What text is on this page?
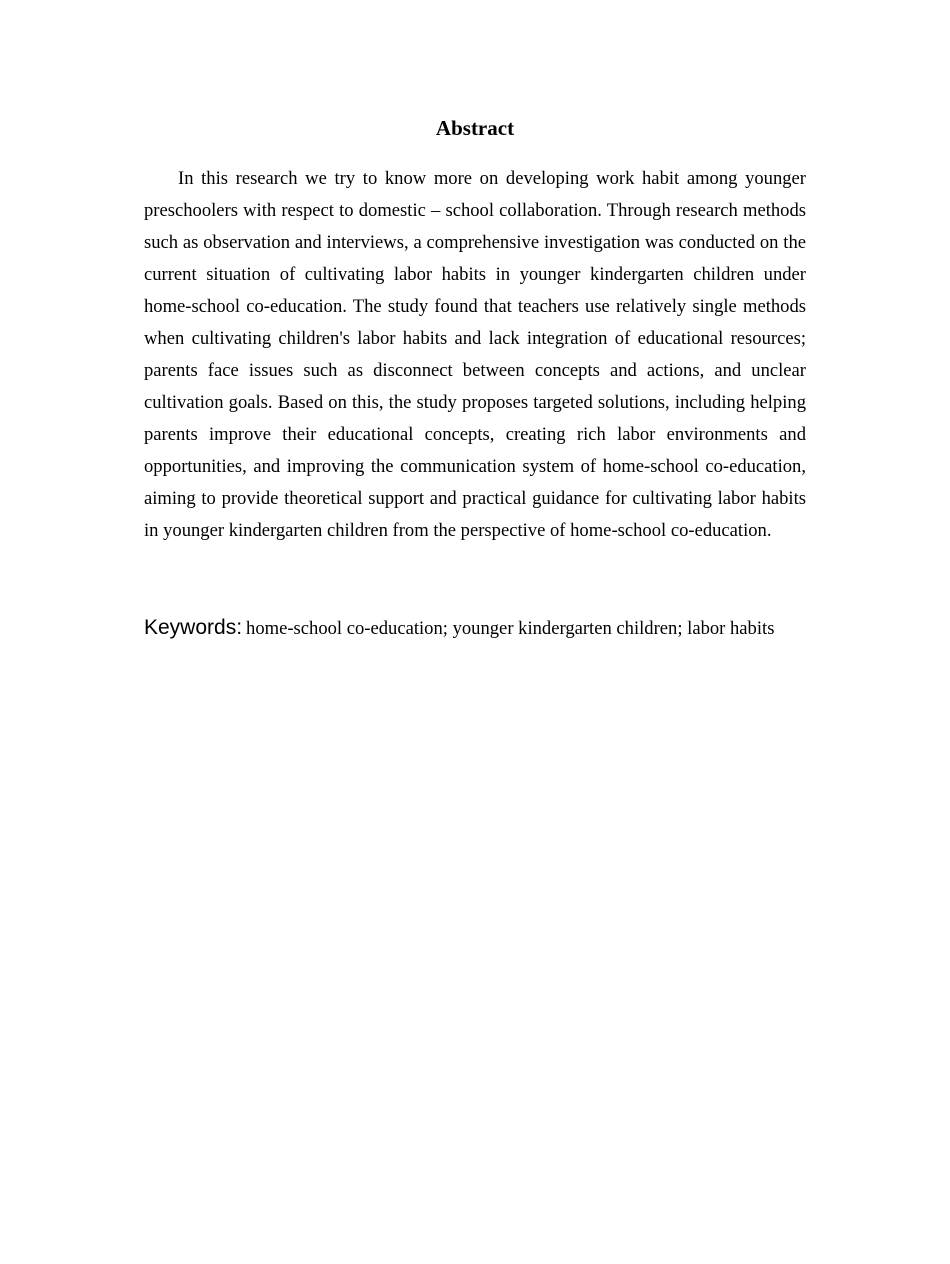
Abstract

In this research we try to know more on developing work habit among younger preschoolers with respect to domestic – school collaboration. Through research methods such as observation and interviews, a comprehensive investigation was conducted on the current situation of cultivating labor habits in younger kindergarten children under home-school co-education. The study found that teachers use relatively single methods when cultivating children's labor habits and lack integration of educational resources; parents face issues such as disconnect between concepts and actions, and unclear cultivation goals. Based on this, the study proposes targeted solutions, including helping parents improve their educational concepts, creating rich labor environments and opportunities, and improving the communication system of home-school co-education, aiming to provide theoretical support and practical guidance for cultivating labor habits in younger kindergarten children from the perspective of home-school co-education.

Keywords: home-school co-education; younger kindergarten children; labor habits
